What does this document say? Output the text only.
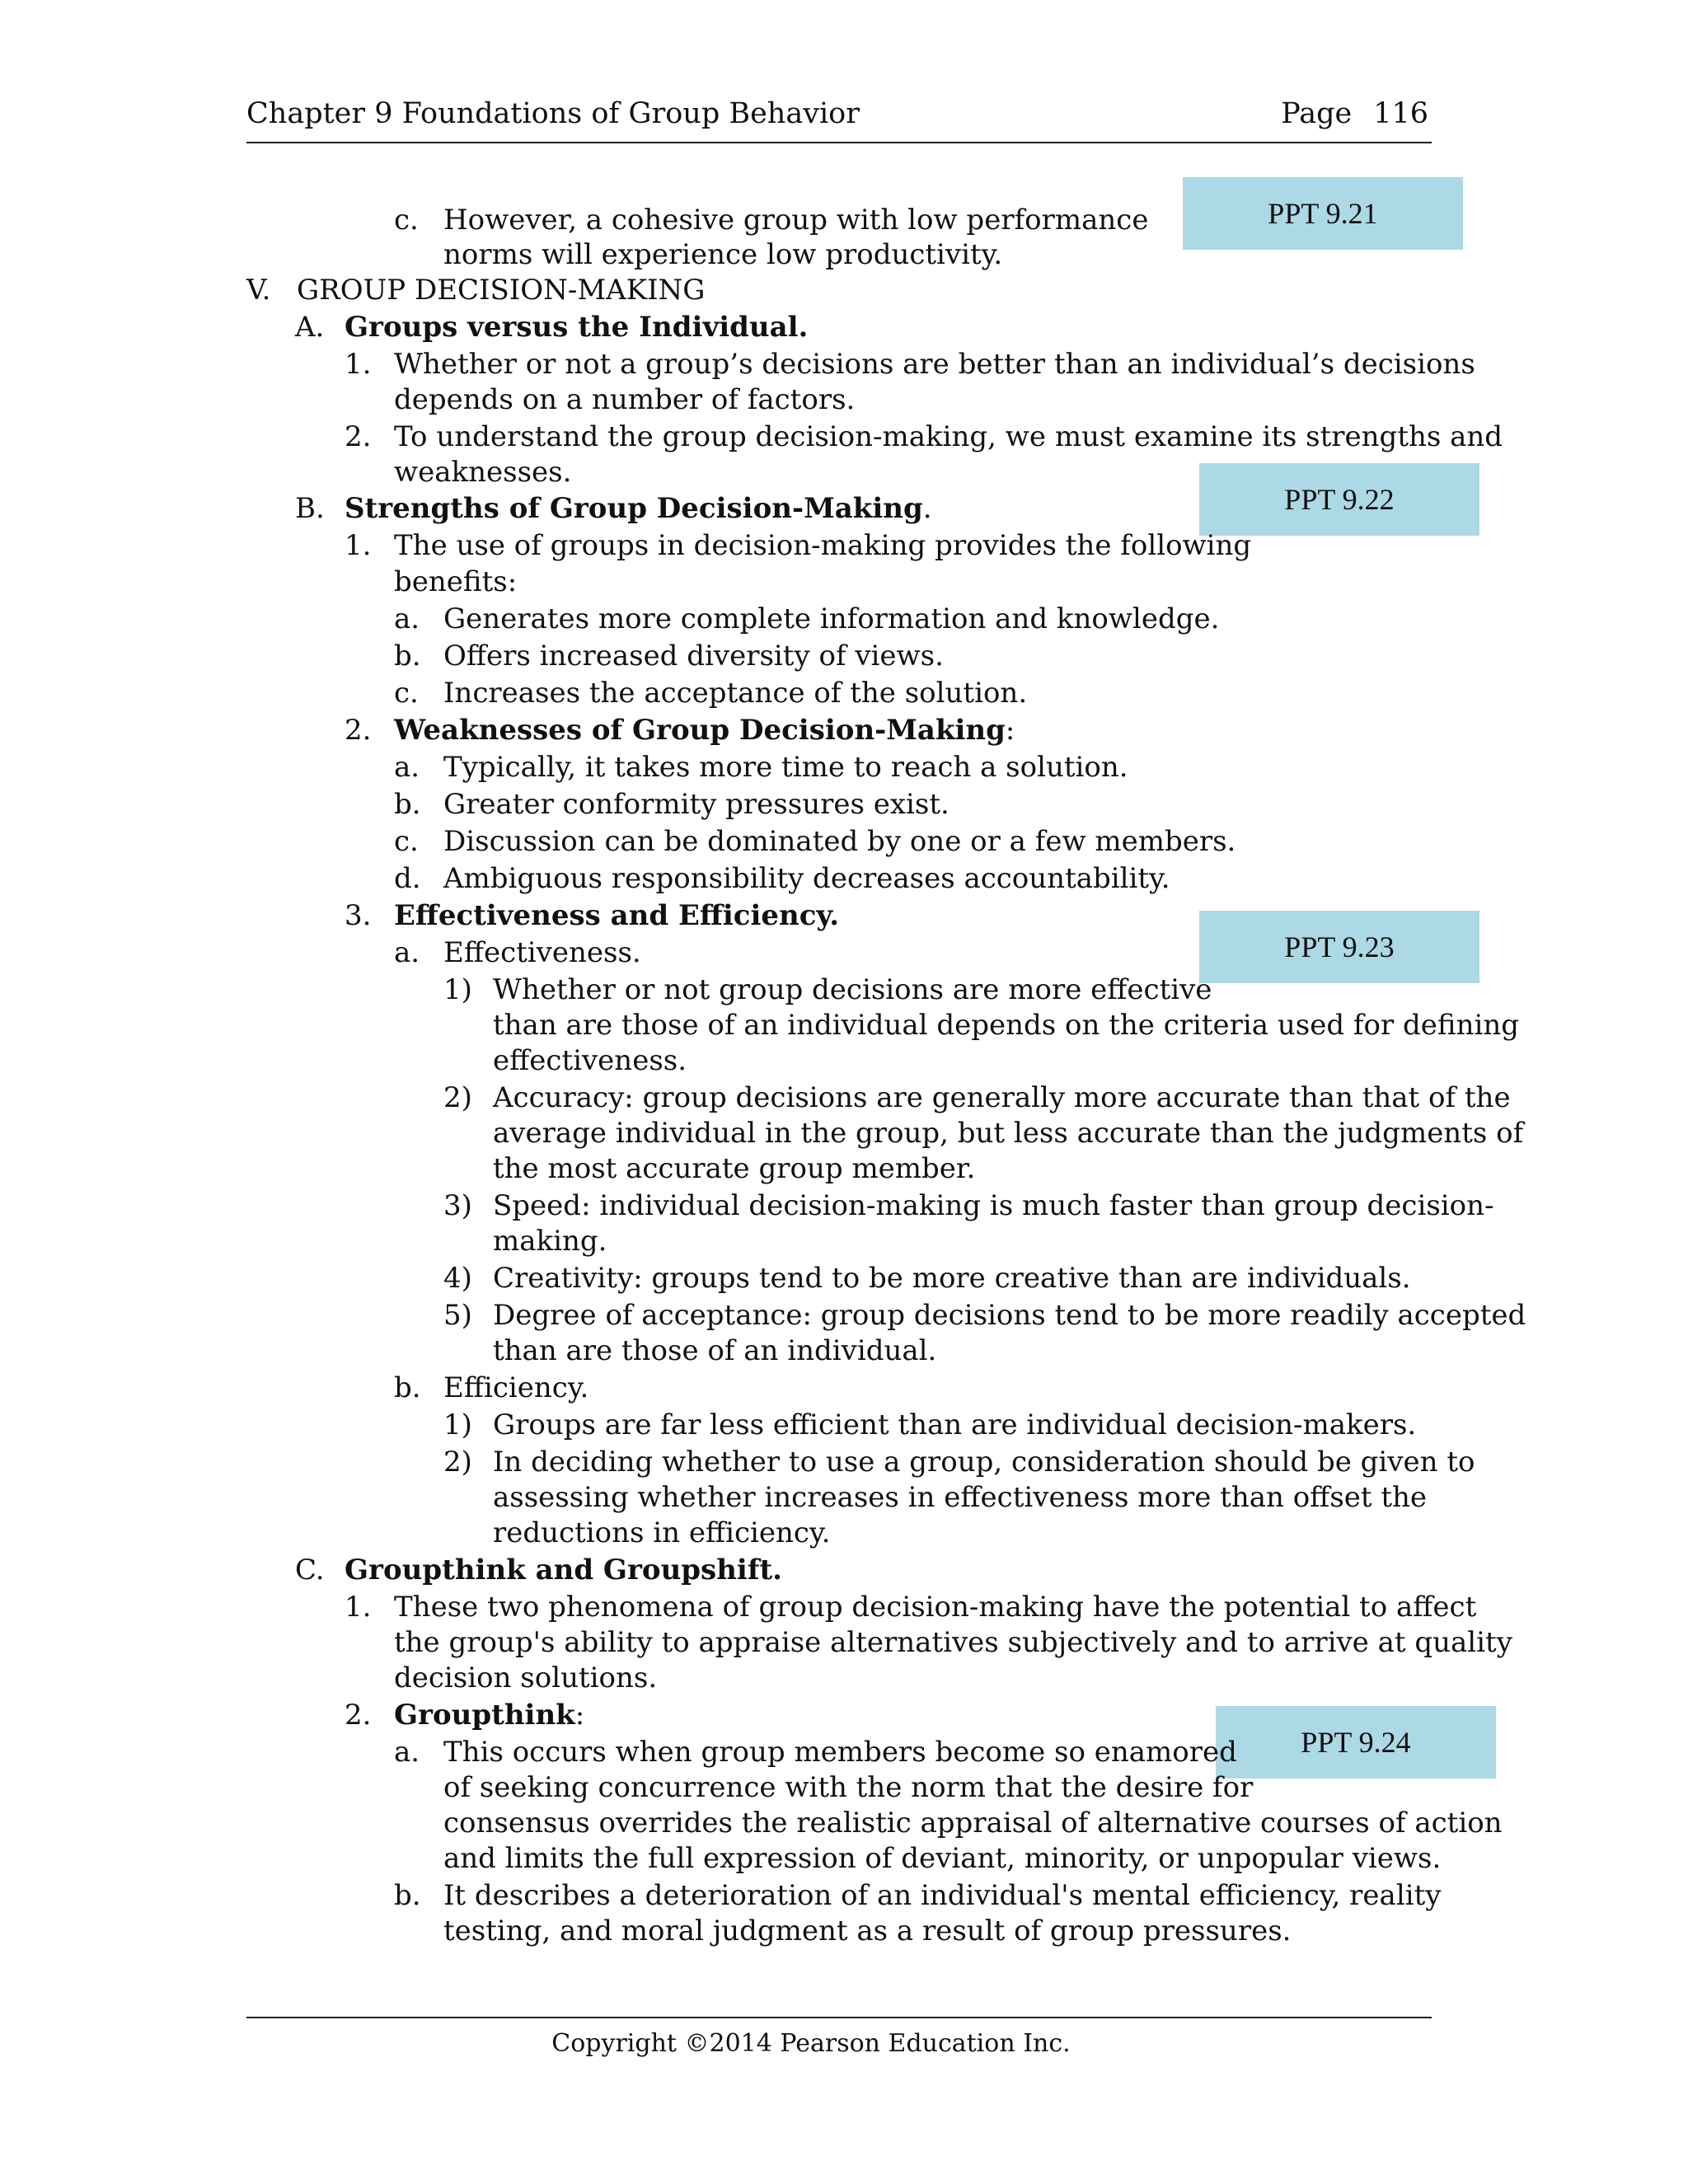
Chapter 9 Foundations of Group Behavior	Page 116
PPT 9.21
PPT 9.22
PPT 9.23
PPT 9.24
c. However, a cohesive group with low performance
norms will experience low productivity.
V. GROUP DECISION-MAKING
A. Groups versus the Individual.
1. Whether or not a group’s decisions are better than an individual’s decisions
depends on a number of factors.
2. To understand the group decision-making, we must examine its strengths and
weaknesses.
B. Strengths of Group Decision-Making.
1. The use of groups in decision-making provides the following
benefits:
a. Generates more complete information and knowledge.
b. Offers increased diversity of views.
c. Increases the acceptance of the solution.
2. Weaknesses of Group Decision-Making:
a. Typically, it takes more time to reach a solution.
b. Greater conformity pressures exist.
c. Discussion can be dominated by one or a few members.
d. Ambiguous responsibility decreases accountability.
3. Effectiveness and Efficiency.
a. Effectiveness.
1) Whether or not group decisions are more effective
than are those of an individual depends on the criteria used for defining
effectiveness.
2) Accuracy: group decisions are generally more accurate than that of the
average individual in the group, but less accurate than the judgments of
the most accurate group member.
3) Speed: individual decision-making is much faster than group decision-
making.
4) Creativity: groups tend to be more creative than are individuals.
5) Degree of acceptance: group decisions tend to be more readily accepted
than are those of an individual.
b. Efficiency.
1) Groups are far less efficient than are individual decision-makers.
2) In deciding whether to use a group, consideration should be given to
assessing whether increases in effectiveness more than offset the
reductions in efficiency.
C. Groupthink and Groupshift.
1. These two phenomena of group decision-making have the potential to affect
the group's ability to appraise alternatives subjectively and to arrive at quality
decision solutions.
2. Groupthink:
a. This occurs when group members become so enamored
of seeking concurrence with the norm that the desire for
consensus overrides the realistic appraisal of alternative courses of action
and limits the full expression of deviant, minority, or unpopular views.
b. It describes a deterioration of an individual's mental efficiency, reality
testing, and moral judgment as a result of group pressures.
Copyright ©2014 Pearson Education Inc.
